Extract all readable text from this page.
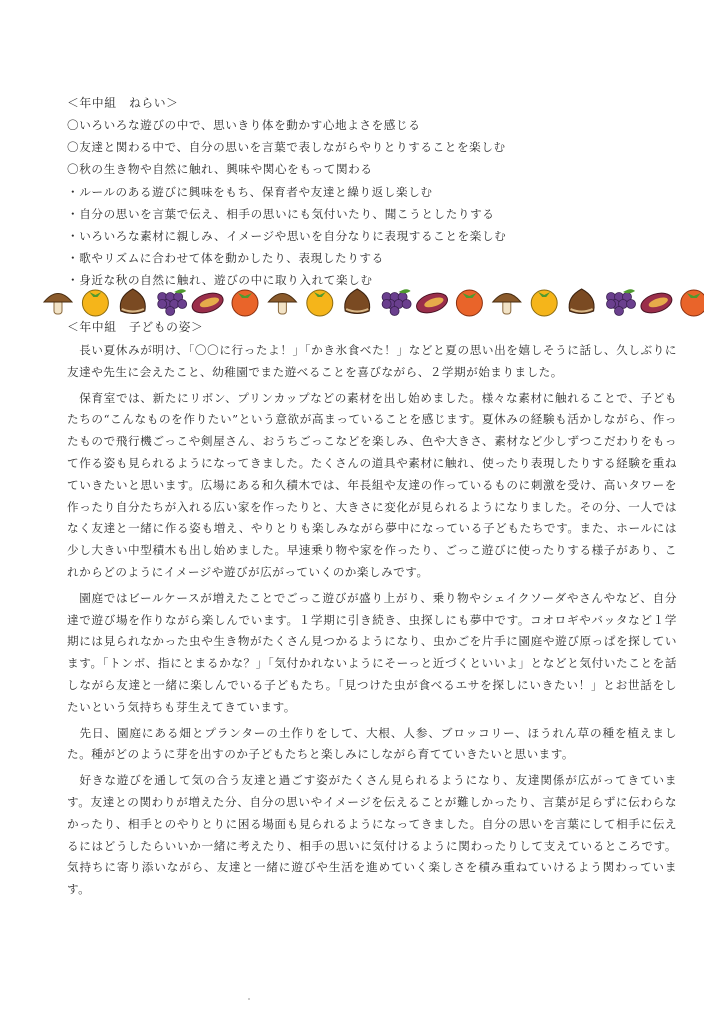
＜年中組　ねらい＞
〇いろいろな遊びの中で、思いきり体を動かす心地よさを感じる
〇友達と関わる中で、自分の思いを言葉で表しながらやりとりすることを楽しむ
〇秋の生き物や自然に触れ、興味や関心をもって関わる
・ルールのある遊びに興味をもち、保育者や友達と繰り返し楽しむ
・自分の思いを言葉で伝え、相手の思いにも気付いたり、聞こうとしたりする
・いろいろな素材に親しみ、イメージや思いを自分なりに表現することを楽しむ
・歌やリズムに合わせて体を動かしたり、表現したりする
・身近な秋の自然に触れ、遊びの中に取り入れて楽しむ
＜年中組　子どもの姿＞

　長い夏休みが明け、「〇〇に行ったよ！」「かき氷食べた！」などと夏の思い出を嬉しそうに話し、久しぶりに友達や先生に会えたこと、幼稚園でまた遊べることを喜びながら、２学期が始まりました。

　保育室では、新たにリボン、プリンカップなどの素材を出し始めました。様々な素材に触れることで、子どもたちの“こんなものを作りたい”という意欲が高まっていることを感じます。夏休みの経験も活かしながら、作ったもので飛行機ごっこや剣屋さん、おうちごっこなどを楽しみ、色や大きさ、素材など少しずつこだわりをもって作る姿も見られるようになってきました。たくさんの道具や素材に触れ、使ったり表現したりする経験を重ねていきたいと思います。広場にある和久積木では、年長組や友達の作っているものに刺激を受け、高いタワーを作ったり自分たちが入れる広い家を作ったりと、大きさに変化が見られるようになりました。その分、一人ではなく友達と一緒に作る姿も増え、やりとりも楽しみながら夢中になっている子どもたちです。また、ホールには少し大きい中型積木も出し始めました。早速乗り物や家を作ったり、ごっこ遊びに使ったりする様子があり、これからどのようにイメージや遊びが広がっていくのか楽しみです。

　園庭ではビールケースが増えたことでごっこ遊びが盛り上がり、乗り物やシェイクソーダやさんやなど、自分達で遊び場を作りながら楽しんでいます。１学期に引き続き、虫探しにも夢中です。コオロギやバッタなど１学期には見られなかった虫や生き物がたくさん見つかるようになり、虫かごを片手に園庭や遊び原っぱを探しています。「トンボ、指にとまるかな？」「気付かれないようにそーっと近づくといいよ」となどと気付いたことを話しながら友達と一緒に楽しんでいる子どもたち。「見つけた虫が食べるエサを探しにいきたい！」とお世話をしたいという気持ちも芽生えてきています。

　先日、園庭にある畑とプランターの土作りをして、大根、人参、ブロッコリー、ほうれん草の種を植えました。種がどのように芽を出すのか子どもたちと楽しみにしながら育てていきたいと思います。

　好きな遊びを通して気の合う友達と過ごす姿がたくさん見られるようになり、友達関係が広がってきています。友達との関わりが増えた分、自分の思いやイメージを伝えることが難しかったり、言葉が足らずに伝わらなかったり、相手とのやりとりに困る場面も見られるようになってきました。自分の思いを言葉にして相手に伝えるにはどうしたらいいか一緒に考えたり、相手の思いに気付けるように関わったりして支えているところです。気持ちに寄り添いながら、友達と一緒に遊びや生活を進めていく楽しさを積み重ねていけるよう関わっています。
